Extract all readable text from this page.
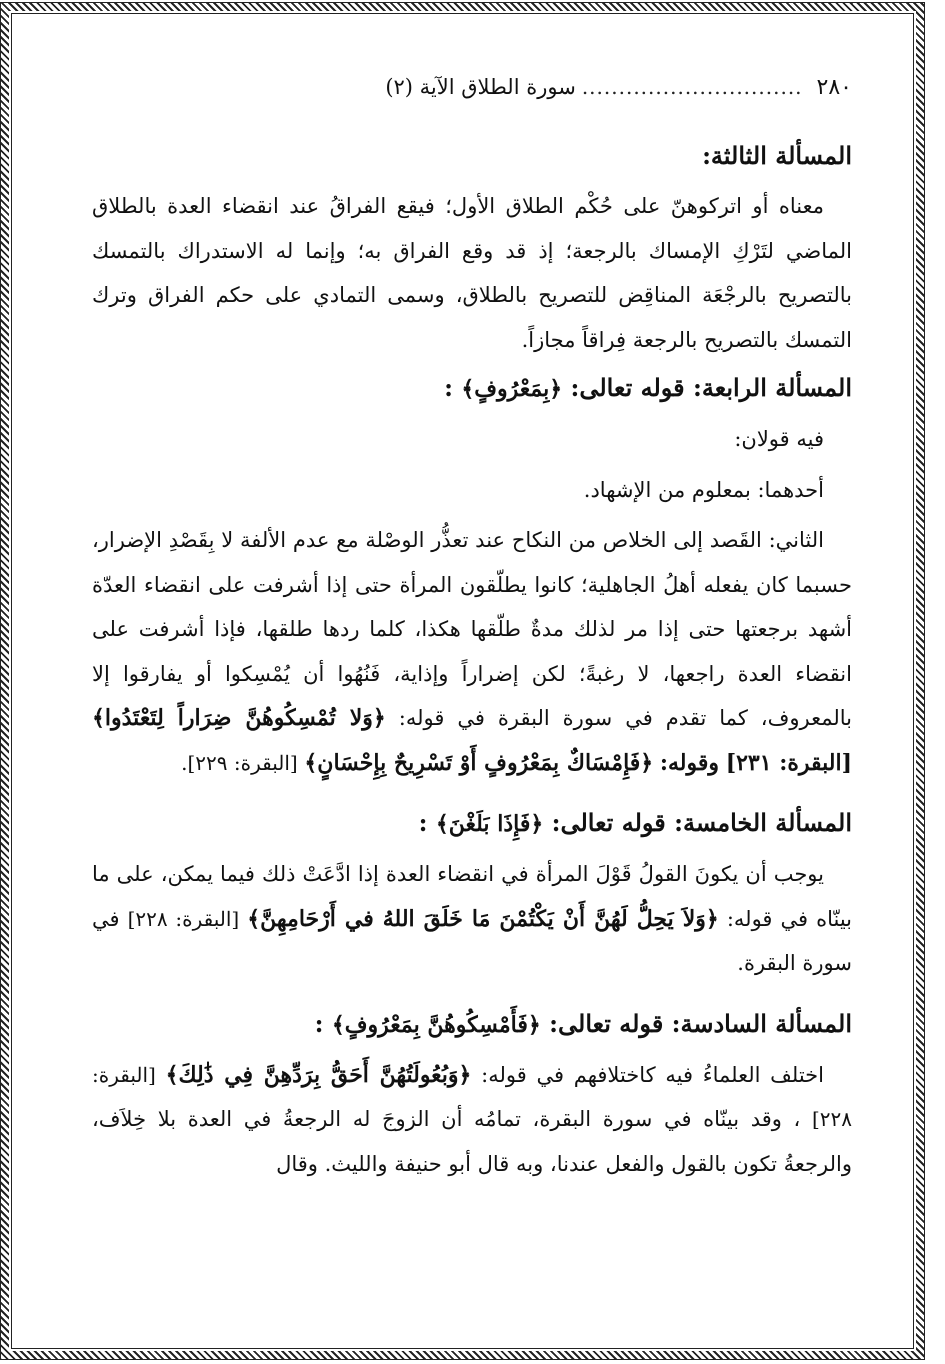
٢٨٠
..............................
سورة الطلاق الآية (٢)
المسألة الثالثة:

معناه أو اتركوهنّ على حُكْم الطلاق الأول؛ فيقع الفراقُ عند انقضاء العدة بالطلاق الماضي لتَرْكِ الإمساك بالرجعة؛ إذ قد وقع الفراق به؛ وإنما له الاستدراك بالتمسك بالتصريح بالرجْعَة المناقِض للتصريح بالطلاق، وسمى التمادي على حكم الفراق وترك التمسك بالتصريح بالرجعة فِراقاً مجازاً.

المسألة الرابعة: قوله تعالى: ﴿بِمَعْرُوفٍ﴾ :

فيه قولان:

أحدهما: بمعلوم من الإشهاد.

الثاني: القَصد إلى الخلاص من النكاح عند تعذُّر الوصْلة مع عدم الألفة لا بِقَصْدِ الإضرار، حسبما كان يفعله أهلُ الجاهلية؛ كانوا يطلّقون المرأة حتى إذا أشرفت على انقضاء العدّة أشهد برجعتها حتى إذا مر لذلك مدةٌ طلّقها هكذا، كلما ردها طلقها، فإذا أشرفت على انقضاء العدة راجعها، لا رغبةً؛ لكن إضراراً وإذاية، فَنُهُوا أن يُمْسِكوا أو يفارقوا إلا بالمعروف، كما تقدم في سورة البقرة في قوله: ﴿وَلا تُمْسِكُوهُنَّ ضِرَاراً لِتَعْتَدُوا﴾ [البقرة: ٢٣١] وقوله: ﴿فَإِمْسَاكٌ بِمَعْرُوفٍ أَوْ تَسْرِيحٌ بِإِحْسَانٍ﴾ [البقرة: ٢٢٩].

المسألة الخامسة: قوله تعالى: ﴿فَإِذَا بَلَغْنَ﴾ :

يوجب أن يكونَ القولُ قَوْلَ المرأة في انقضاء العدة إذا ادَّعَتْ ذلك فيما يمكن، على ما بينّاه في قوله: ﴿وَلاَ يَحِلُّ لَهُنَّ أَنْ يَكْتُمْنَ مَا خَلَقَ اللهُ في أَرْحَامِهِنَّ﴾ [البقرة: ٢٢٨] في سورة البقرة.

المسألة السادسة: قوله تعالى: ﴿فَأَمْسِكُوهُنَّ بِمَعْرُوفٍ﴾ :

اختلف العلماءُ فيه كاختلافهم في قوله: ﴿وَبُعُولَتُهُنَّ أَحَقُّ بِرَدِّهِنَّ فِي ذَٰلِكَ﴾ [البقرة: ٢٢٨] ، وقد بينّاه في سورة البقرة، تمامُه أن الزوجَ له الرجعةُ في العدة بلا خِلاَف، والرجعةُ تكون بالقول والفعل عندنا، وبه قال أبو حنيفة والليث. وقال
